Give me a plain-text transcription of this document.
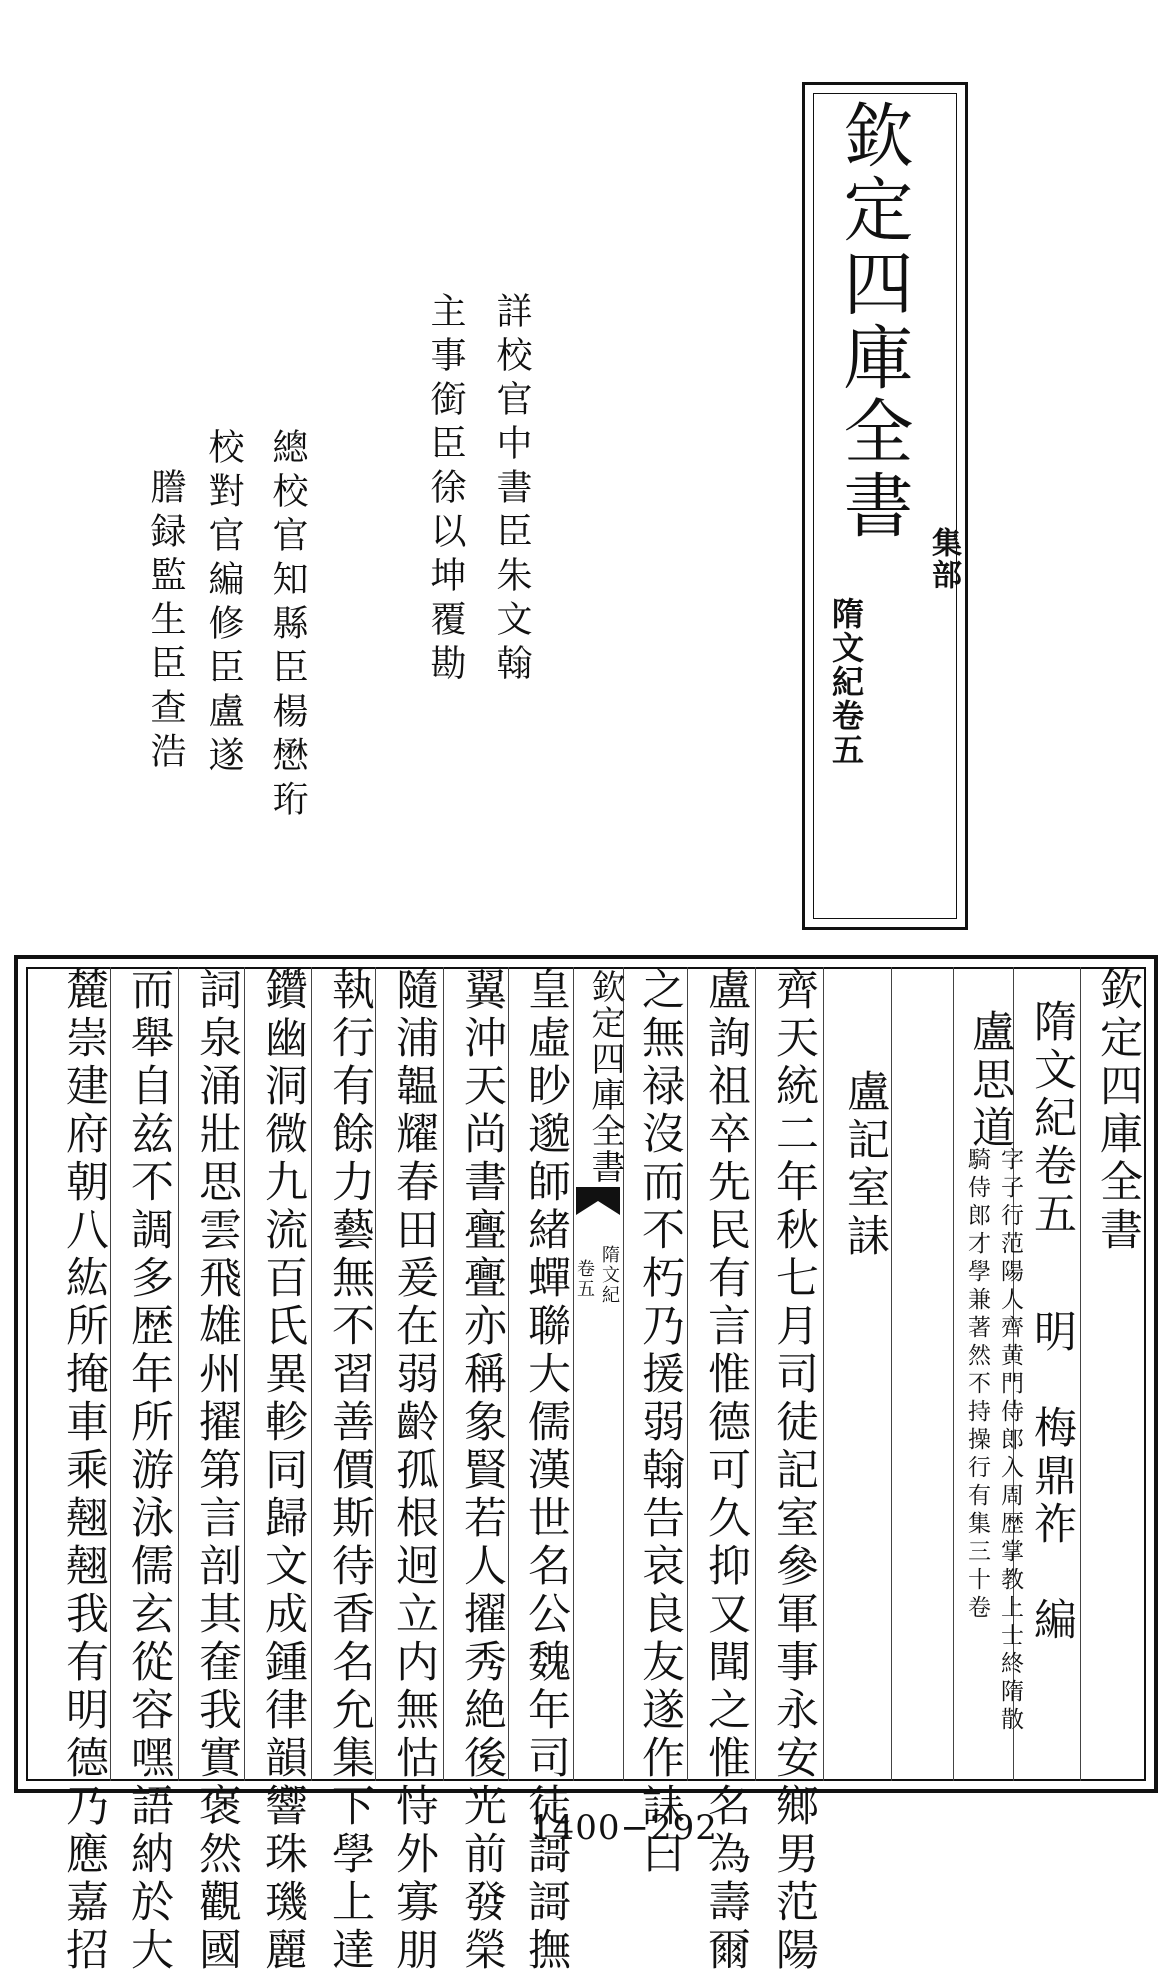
欽定四庫全書
集部
隋文紀卷五
詳校官中書臣朱文翰
主事銜臣徐以坤覆勘
總校官知縣臣楊懋珩
校對官編修臣盧遂
謄録監生臣查浩
欽定四庫全書
隋文紀卷五
明　梅鼎祚　編
盧思道
字子行范陽人齊黄門侍郎入周歴掌教上士終隋散騎侍郎才學兼著然不持操行有集三十卷
盧記室誄
齊天統二年秋七月司徒記室參軍事永安鄉男范陽
盧詢祖卒先民有言惟德可久抑又聞之惟名為壽爾
之無禄沒而不朽乃援弱翰告哀良友遂作誄曰
欽定四庫全書
隋文紀
卷五
皇虛眇邈師緒蟬聯大儒漢世名公魏年司徒謌謌撫
翼沖天尚書亹亹亦稱象賢若人擢秀絶後光前發榮
隨浦韞耀春田爰在弱齡孤根迥立内無怙恃外寡朋
執行有餘力藝無不習善價斯待香名允集下學上達
鑽幽洞微九流百氏異軫同歸文成鍾律韻響珠璣麗
詞泉涌壯思雲飛雄州擢第言剖其㚝我實褒然觀國
而舉自兹不調多歴年所游泳儒玄從容嘿語納於大
麓崇建府朝八紘所掩車乘翹翹我有明德乃應嘉招	1400−292
